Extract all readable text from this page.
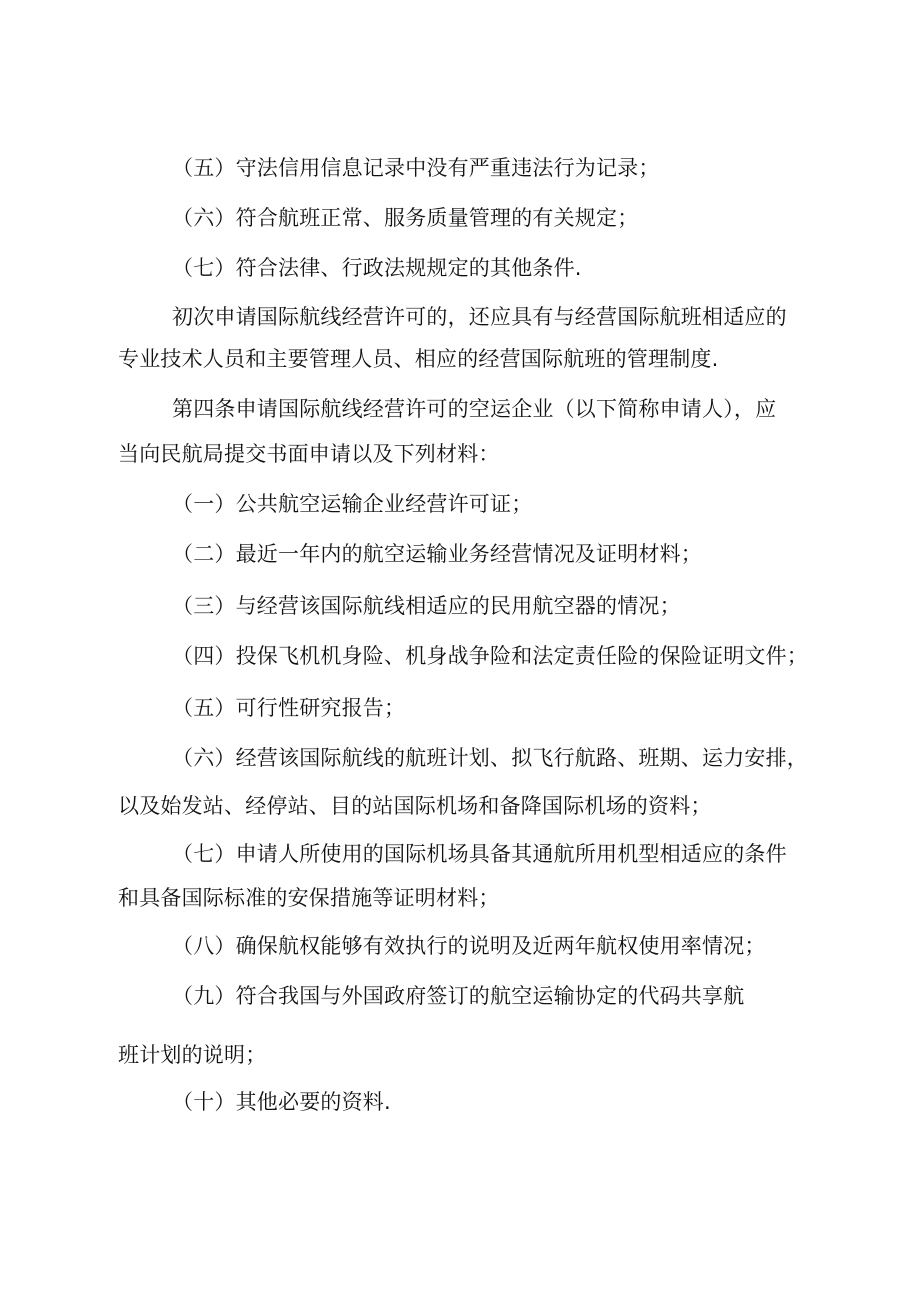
（五）守法信用信息记录中没有严重违法行为记录；
（六）符合航班正常、服务质量管理的有关规定；
（七）符合法律、行政法规规定的其他条件.
初次申请国际航线经营许可的，还应具有与经营国际航班相适应的
专业技术人员和主要管理人员、相应的经营国际航班的管理制度.
第四条申请国际航线经营许可的空运企业（以下简称申请人），应
当向民航局提交书面申请以及下列材料：
（一）公共航空运输企业经营许可证；
（二）最近一年内的航空运输业务经营情况及证明材料；
（三）与经营该国际航线相适应的民用航空器的情况；
（四）投保飞机机身险、机身战争险和法定责任险的保险证明文件；
（五）可行性研究报告；
（六）经营该国际航线的航班计划、拟飞行航路、班期、运力安排，
以及始发站、经停站、目的站国际机场和备降国际机场的资料；
（七）申请人所使用的国际机场具备其通航所用机型相适应的条件
和具备国际标准的安保措施等证明材料；
（八）确保航权能够有效执行的说明及近两年航权使用率情况；
（九）符合我国与外国政府签订的航空运输协定的代码共享航
班计划的说明；
（十）其他必要的资料.
